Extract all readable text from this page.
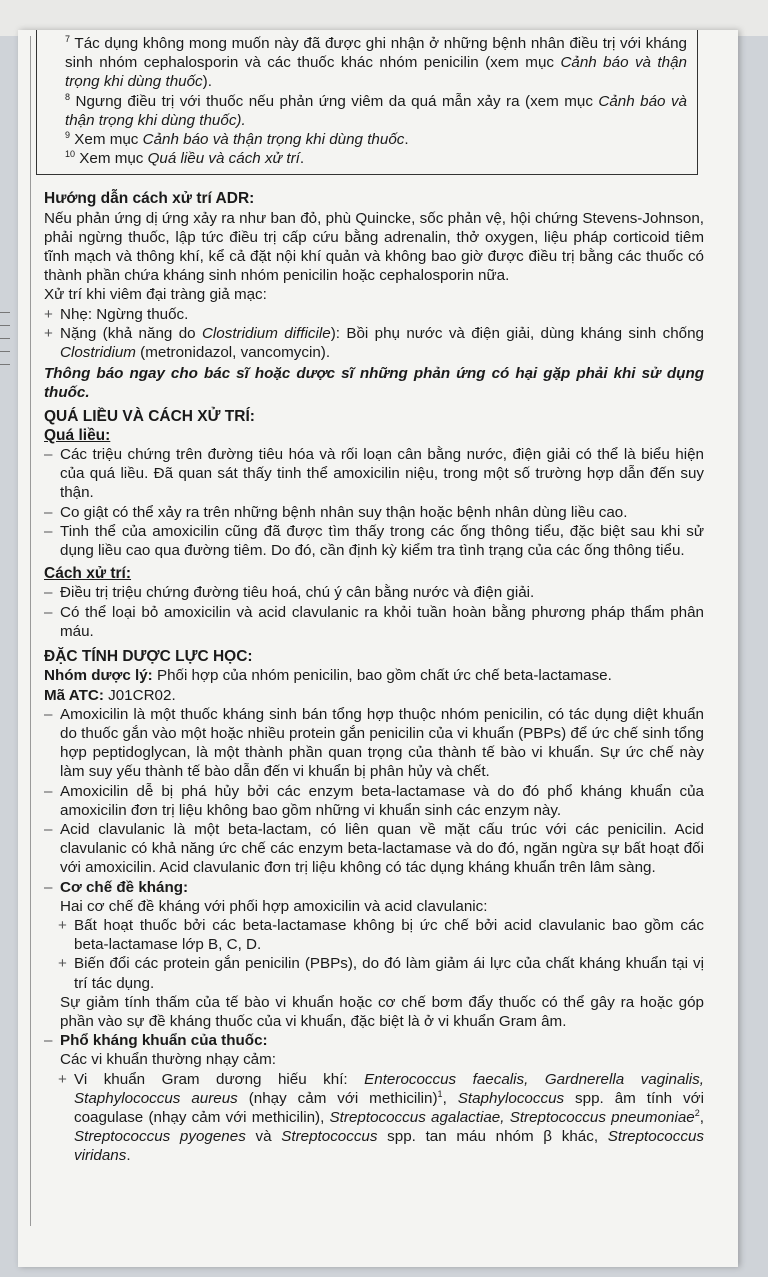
$^7$ Tác dụng không mong muốn này đã được ghi nhận ở những bệnh nhân điều trị với kháng sinh nhóm cephalosporin và các thuốc khác nhóm penicilin (xem mục Cảnh báo và thận trọng khi dùng thuốc).

$^8$ Ngưng điều trị với thuốc nếu phản ứng viêm da quá mẫn xảy ra (xem mục Cảnh báo và thận trọng khi dùng thuốc).

$^9$ Xem mục Cảnh báo và thận trọng khi dùng thuốc.

$^{10}$ Xem mục Quá liều và cách xử trí.

Hướng dẫn cách xử trí ADR:

Nếu phản ứng dị ứng xảy ra như ban đỏ, phù Quincke, sốc phản vệ, hội chứng Stevens-Johnson, phải ngừng thuốc, lập tức điều trị cấp cứu bằng adrenalin, thở oxygen, liệu pháp corticoid tiêm tĩnh mạch và thông khí, kể cả đặt nội khí quản và không bao giờ được điều trị bằng các thuốc có thành phần chứa kháng sinh nhóm penicilin hoặc cephalosporin nữa.

Xử trí khi viêm đại tràng giả mạc:

+ Nhẹ: Ngừng thuốc.
+ Nặng (khả năng do Clostridium difficile): Bồi phụ nước và điện giải, dùng kháng sinh chống Clostridium (metronidazol, vancomycin).

Thông báo ngay cho bác sĩ hoặc dược sĩ những phản ứng có hại gặp phải khi sử dụng thuốc.

QUÁ LIỀU VÀ CÁCH XỬ TRÍ:

Quá liều:

– Các triệu chứng trên đường tiêu hóa và rối loạn cân bằng nước, điện giải có thể là biểu hiện của quá liều. Đã quan sát thấy tinh thể amoxicilin niệu, trong một số trường hợp dẫn đến suy thận.
– Co giật có thể xảy ra trên những bệnh nhân suy thận hoặc bệnh nhân dùng liều cao.
– Tinh thể của amoxicilin cũng đã được tìm thấy trong các ống thông tiểu, đặc biệt sau khi sử dụng liều cao qua đường tiêm. Do đó, cần định kỳ kiểm tra tình trạng của các ống thông tiểu.

Cách xử trí:

– Điều trị triệu chứng đường tiêu hoá, chú ý cân bằng nước và điện giải.
– Có thể loại bỏ amoxicilin và acid clavulanic ra khỏi tuần hoàn bằng phương pháp thẩm phân máu.
ĐẶC TÍNH DƯỢC LỰC HỌC:

Nhóm dược lý: Phối hợp của nhóm penicilin, bao gồm chất ức chế beta-lactamase.

Mã ATC: J01CR02.

– Amoxicilin là một thuốc kháng sinh bán tổng hợp thuộc nhóm penicilin, có tác dụng diệt khuẩn do thuốc gắn vào một hoặc nhiều protein gắn penicilin của vi khuẩn (PBPs) để ức chế sinh tổng hợp peptidoglycan, là một thành phần quan trọng của thành tế bào vi khuẩn. Sự ức chế này làm suy yếu thành tế bào dẫn đến vi khuẩn bị phân hủy và chết.
– Amoxicilin dễ bị phá hủy bởi các enzym beta-lactamase và do đó phổ kháng khuẩn của amoxicilin đơn trị liệu không bao gồm những vi khuẩn sinh các enzym này.
– Acid clavulanic là một beta-lactam, có liên quan về mặt cấu trúc với các penicilin. Acid clavulanic có khả năng ức chế các enzym beta-lactamase và do đó, ngăn ngừa sự bất hoạt đối với amoxicilin. Acid clavulanic đơn trị liệu không có tác dụng kháng khuẩn trên lâm sàng.
– Cơ chế đề kháng:

Hai cơ chế đề kháng với phối hợp amoxicilin và acid clavulanic:

+ Bất hoạt thuốc bởi các beta-lactamase không bị ức chế bởi acid clavulanic bao gồm các beta-lactamase lớp B, C, D.
+ Biến đổi các protein gắn penicilin (PBPs), do đó làm giảm ái lực của chất kháng khuẩn tại vị trí tác dụng.

Sự giảm tính thấm của tế bào vi khuẩn hoặc cơ chế bơm đẩy thuốc có thể gây ra hoặc góp phần vào sự đề kháng thuốc của vi khuẩn, đặc biệt là ở vi khuẩn Gram âm.

– Phổ kháng khuẩn của thuốc:

Các vi khuẩn thường nhạy cảm:

+ Vi khuẩn Gram dương hiếu khí: Enterococcus faecalis, Gardnerella vaginalis, Staphylococcus aureus (nhạy cảm với methicilin)$^1$, Staphylococcus spp. âm tính với coagulase (nhạy cảm với methicilin), Streptococcus agalactiae, Streptococcus pneumoniae$^2$, Streptococcus pyogenes và Streptococcus spp. tan máu nhóm β khác, Streptococcus viridans.
